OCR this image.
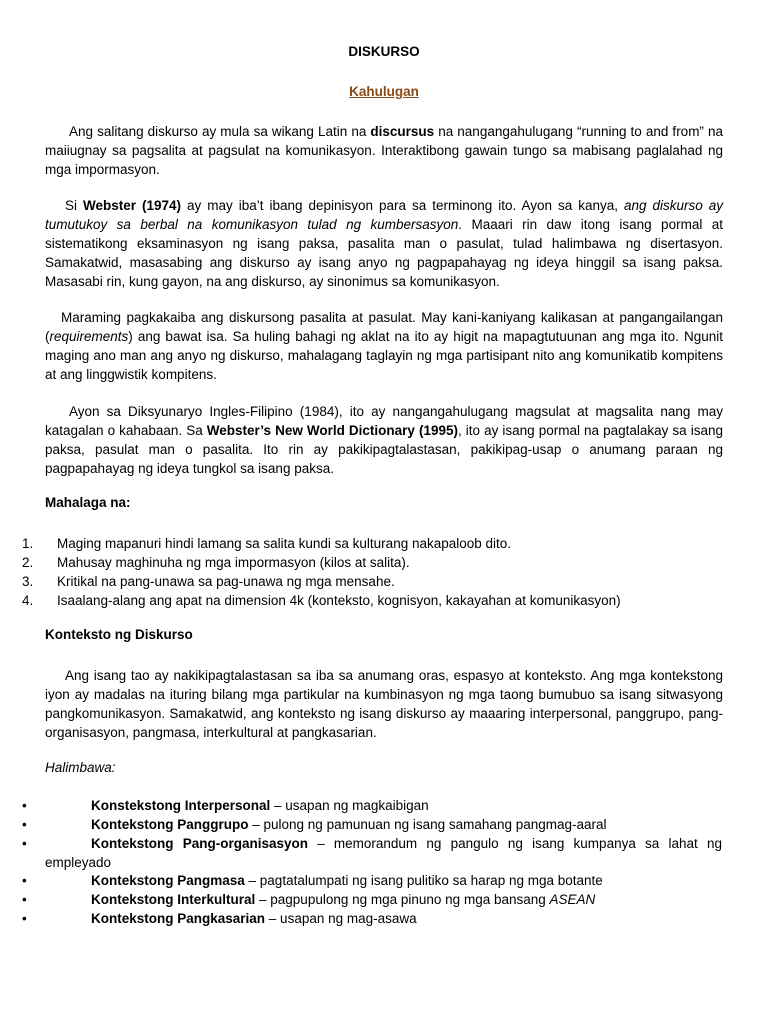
DISKURSO
Kahulugan

Ang salitang diskurso ay mula sa wikang Latin na discursus na nangangahulugang “running to and from” na maiiugnay sa pagsalita at pagsulat na komunikasyon. Interaktibong gawain tungo sa mabisang paglalahad ng mga impormasyon.

Si Webster (1974) ay may iba’t ibang depinisyon para sa terminong ito. Ayon sa kanya, ang diskurso ay tumutukoy sa berbal na komunikasyon tulad ng kumbersasyon. Maaari rin daw itong isang pormal at sistematikong eksaminasyon ng isang paksa, pasalita man o pasulat, tulad halimbawa ng disertasyon. Samakatwid, masasabing ang diskurso ay isang anyo ng pagpapahayag ng ideya hinggil sa isang paksa. Masasabi rin, kung gayon, na ang diskurso, ay sinonimus sa komunikasyon.

Maraming pagkakaiba ang diskursong pasalita at pasulat. May kani-kaniyang kalikasan at pangangailangan (requirements) ang bawat isa. Sa huling bahagi ng aklat na ito ay higit na mapagtutuunan ang mga ito. Ngunit maging ano man ang anyo ng diskurso, mahalagang taglayin ng mga partisipant nito ang komunikatib kompitens at ang linggwistik kompitens.

Ayon sa Diksyunaryo Ingles-Filipino (1984), ito ay nangangahulugang magsulat at magsalita nang may katagalan o kahabaan. Sa Webster’s New World Dictionary (1995), ito ay isang pormal na pagtalakay sa isang paksa, pasulat man o pasalita. Ito rin ay pakikipagtalastasan, pakikipag-usap o anumang paraan ng pagpapahayag ng ideya tungkol sa isang paksa.

Mahalaga na:
1. Maging mapanuri hindi lamang sa salita kundi sa kulturang nakapaloob dito.
2. Mahusay maghinuha ng mga impormasyon (kilos at salita).
3. Kritikal na pang-unawa sa pag-unawa ng mga mensahe.
4. Isaalang-alang ang apat na dimension 4k (konteksto, kognisyon, kakayahan at komunikasyon)
Konteksto ng Diskurso

Ang isang tao ay nakikipagtalastasan sa iba sa anumang oras, espasyo at konteksto. Ang mga kontekstong iyon ay madalas na ituring bilang mga partikular na kumbinasyon ng mga taong bumubuo sa isang sitwasyong pangkomunikasyon. Samakatwid, ang konteksto ng isang diskurso ay maaaring interpersonal, panggrupo, pang-organisasyon, pangmasa, interkultural at pangkasarian.

Halimbawa:
•	Konstekstong Interpersonal – usapan ng magkaibigan
•	Kontekstong Panggrupo – pulong ng pamunuan ng isang samahang pangmag-aaral
•	Kontekstong Pang-organisasyon – memorandum ng pangulo ng isang kumpanya sa lahat ng empleyado
•	Kontekstong Pangmasa – pagtatalumpati ng isang pulitiko sa harap ng mga botante
•	Kontekstong Interkultural – pagpupulong ng mga pinuno ng mga bansang ASEAN
•	Kontekstong Pangkasarian – usapan ng mag-asawa
